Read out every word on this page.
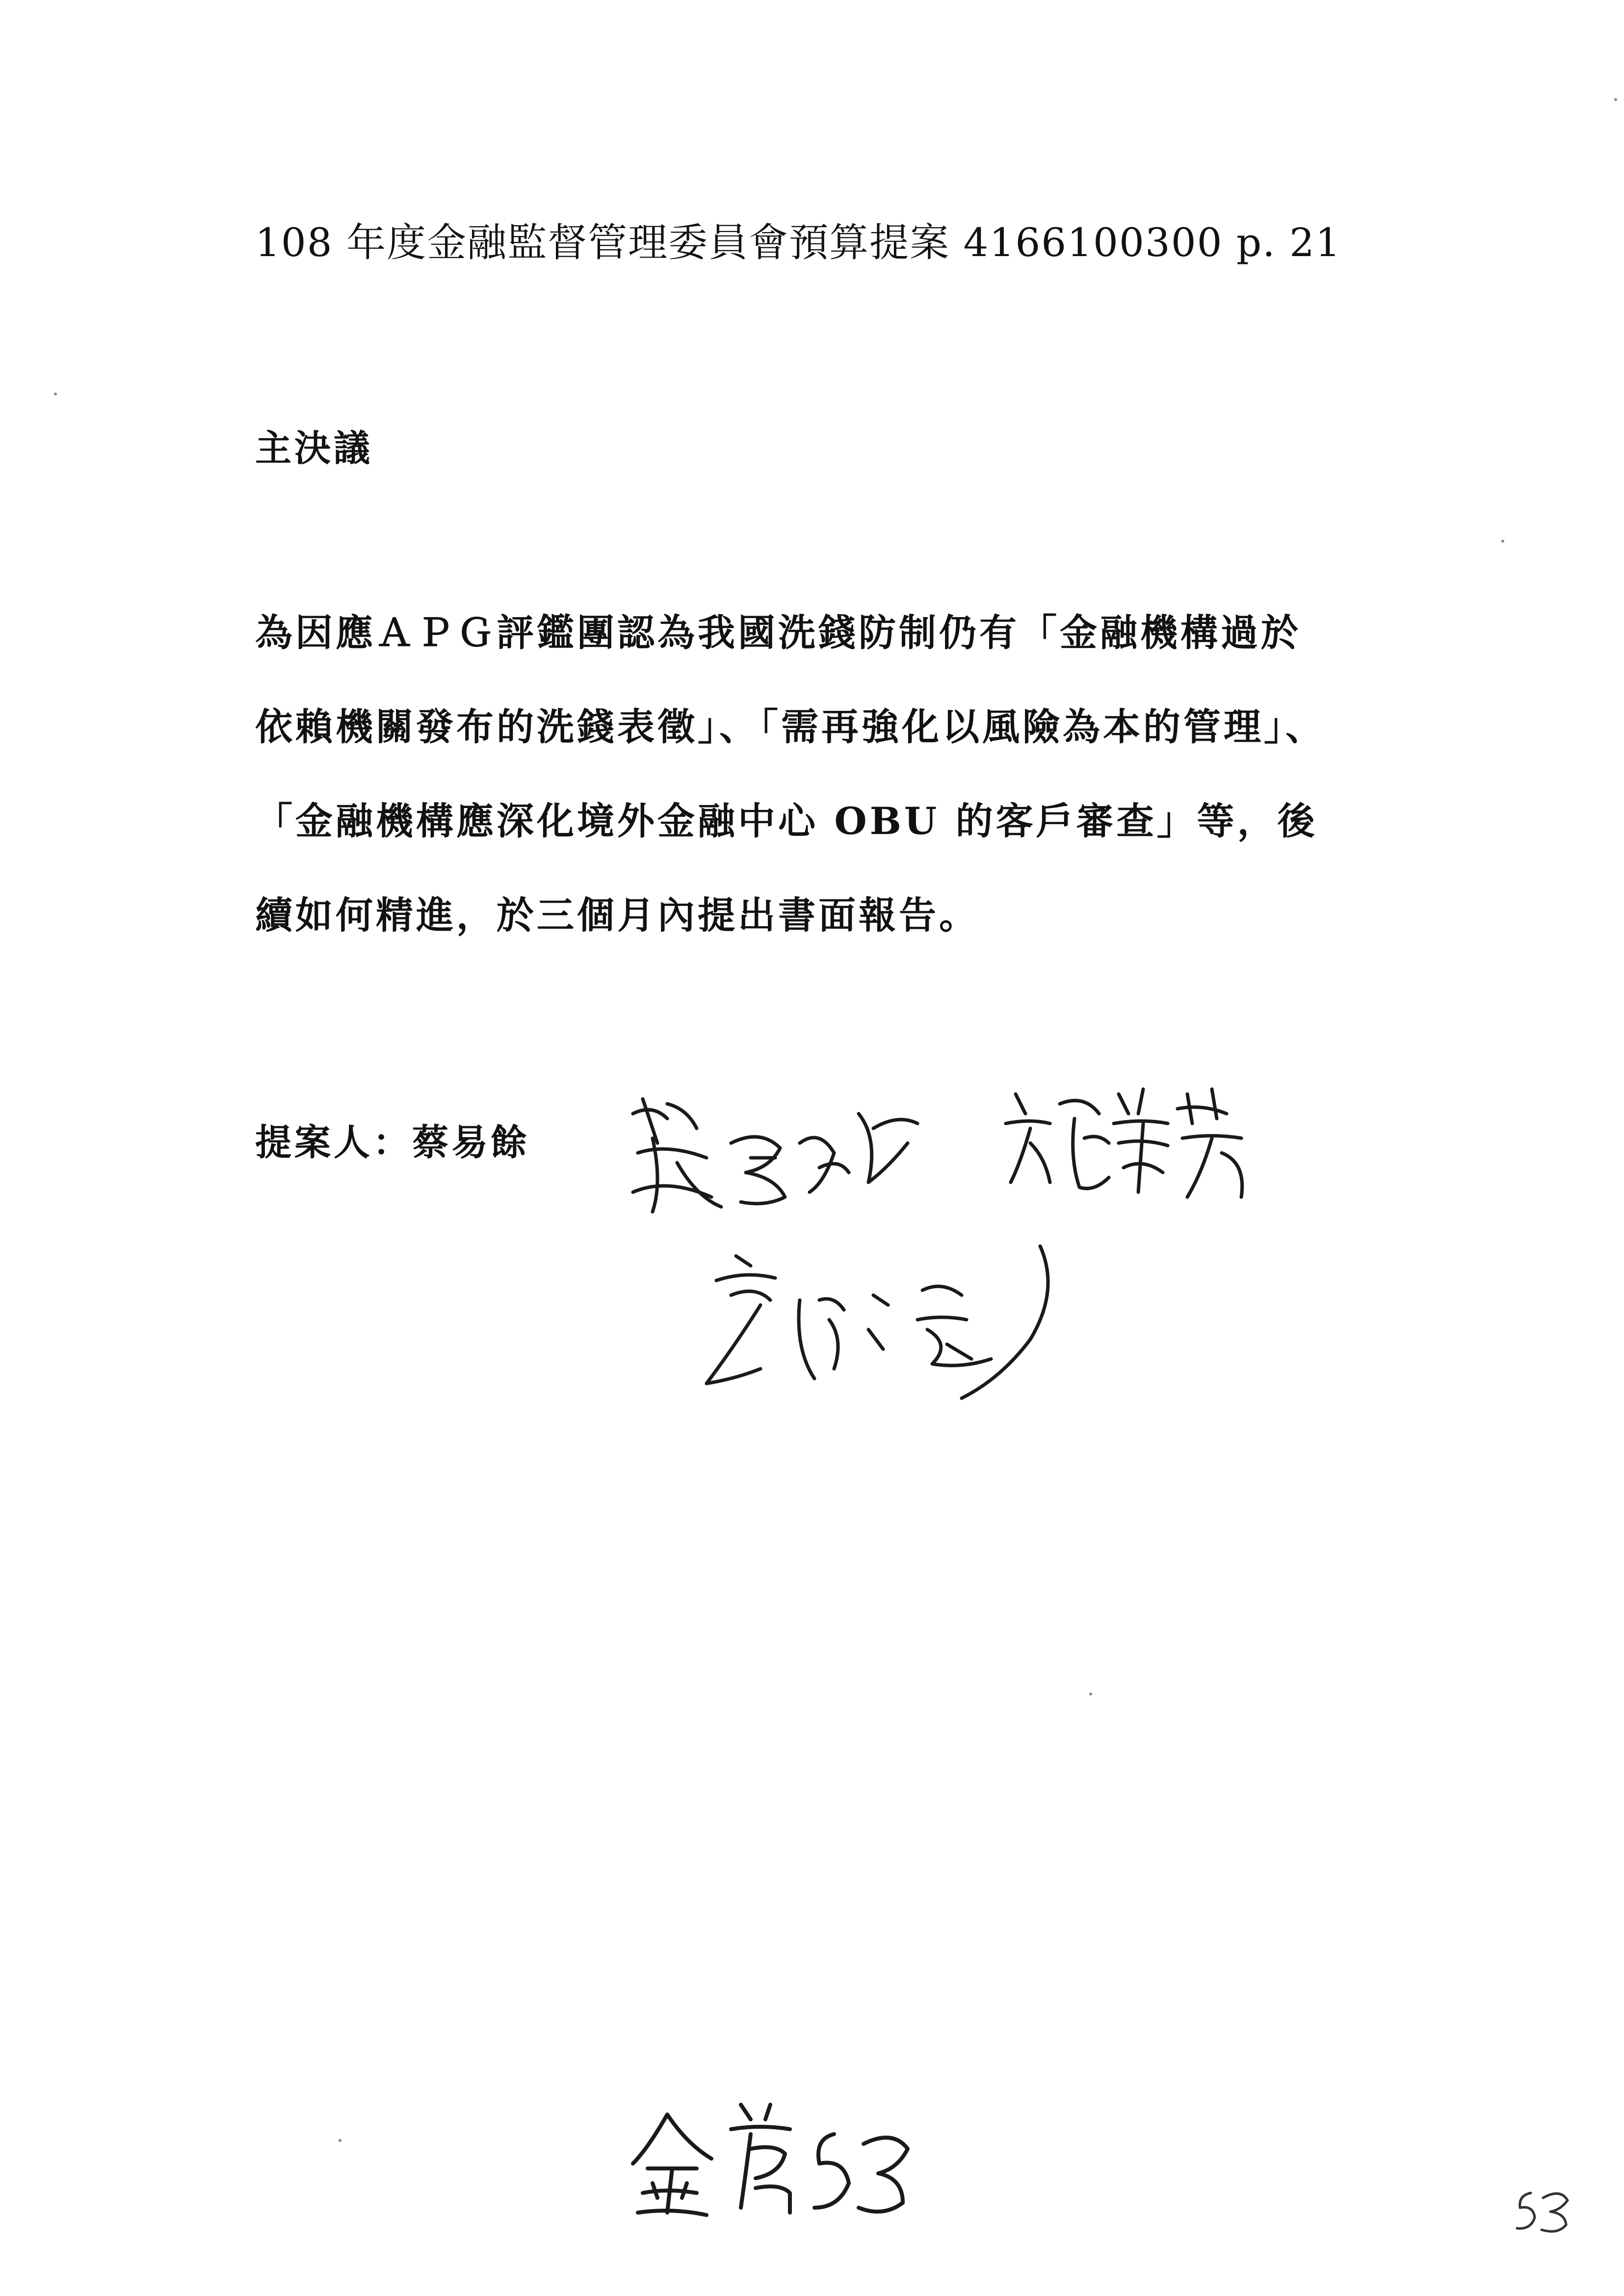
108 年度金融監督管理委員會預算提案 4166100300 p. 21
主決議
為因應ＡＰＧ評鑑團認為我國洗錢防制仍有「金融機構過於
依賴機關發布的洗錢表徵」、「需再強化以風險為本的管理」、
「金融機構應深化境外金融中心 OBU 的客戶審查」等，後
續如何精進，於三個月內提出書面報告。
提案人：蔡易餘
